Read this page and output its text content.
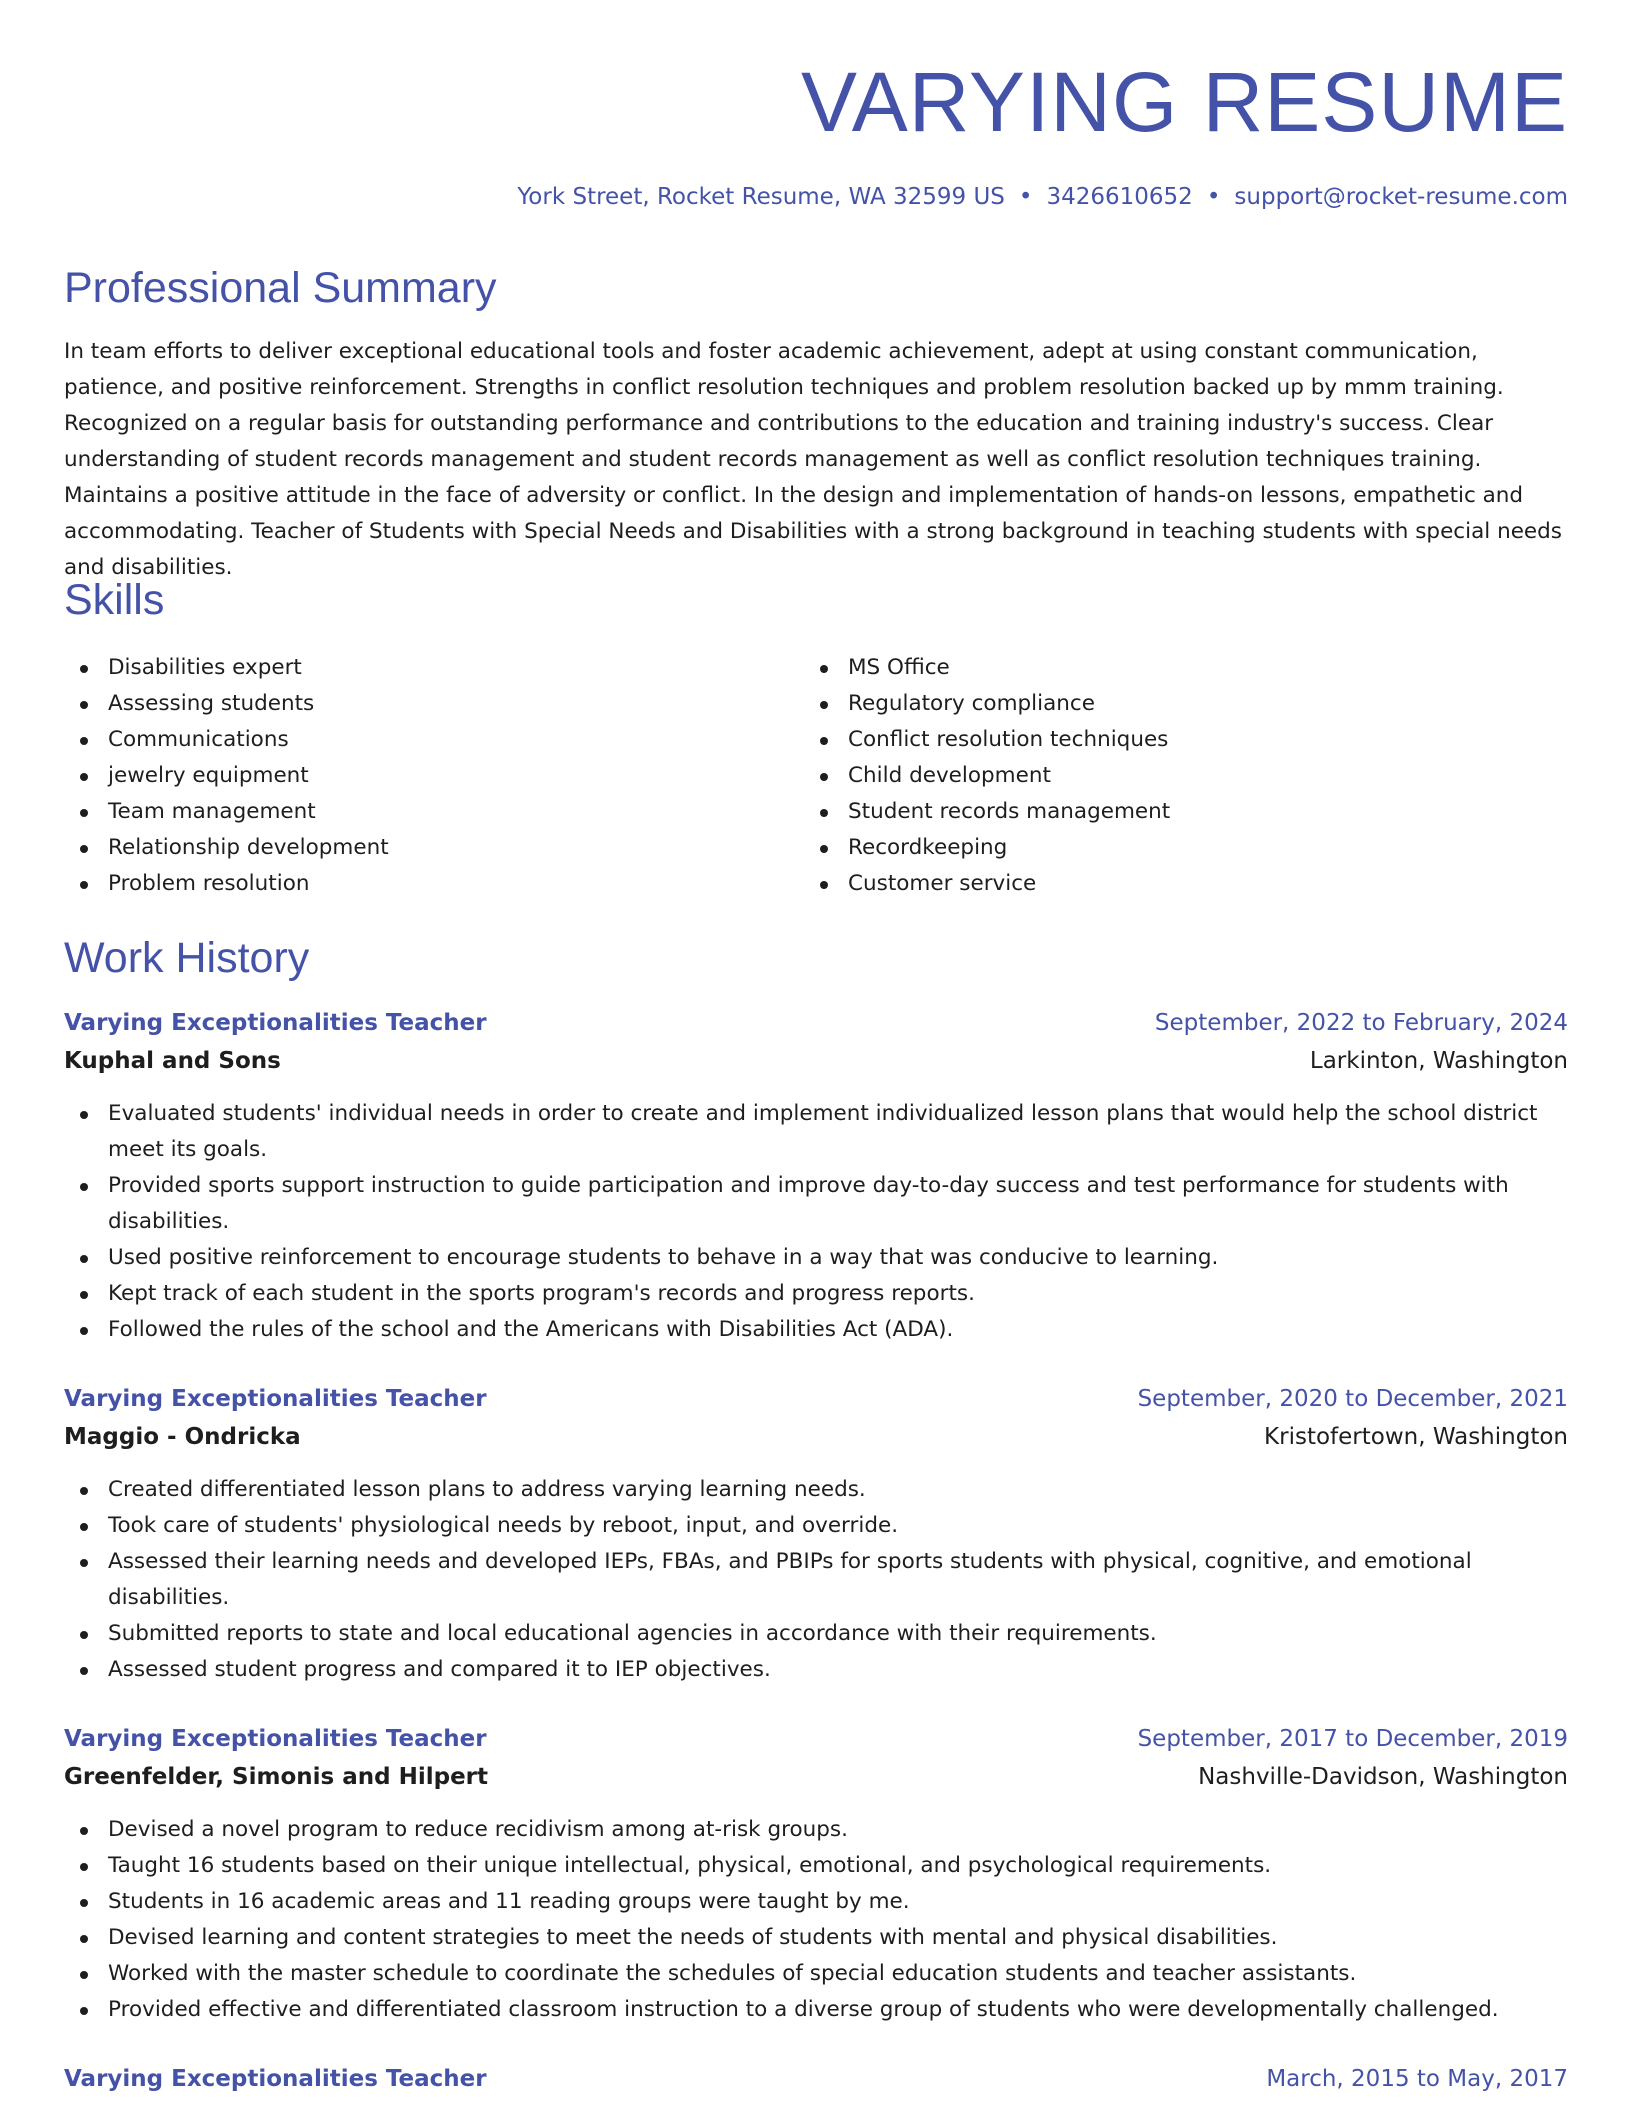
VARYING RESUME
York Street, Rocket Resume, WA 32599 US • 3426610652 • support@rocket-resume.com
Professional Summary

In team efforts to deliver exceptional educational tools and foster academic achievement, adept at using constant communication, patience, and positive reinforcement. Strengths in conflict resolution techniques and problem resolution backed up by mmm training. Recognized on a regular basis for outstanding performance and contributions to the education and training industry's success. Clear understanding of student records management and student records management as well as conflict resolution techniques training. Maintains a positive attitude in the face of adversity or conflict. In the design and implementation of hands-on lessons, empathetic and accommodating. Teacher of Students with Special Needs and Disabilities with a strong background in teaching students with special needs and disabilities.

Skills
Disabilities expert
Assessing students
Communications
jewelry equipment
Team management
Relationship development
Problem resolution
MS Office
Regulatory compliance
Conflict resolution techniques
Child development
Student records management
Recordkeeping
Customer service
Work History
Varying Exceptionalities Teacher	September, 2022 to February, 2024
Kuphal and Sons	Larkinton, Washington
Evaluated students' individual needs in order to create and implement individualized lesson plans that would help the school district meet its goals.
Provided sports support instruction to guide participation and improve day-to-day success and test performance for students with disabilities.
Used positive reinforcement to encourage students to behave in a way that was conducive to learning.
Kept track of each student in the sports program's records and progress reports.
Followed the rules of the school and the Americans with Disabilities Act (ADA).
Varying Exceptionalities Teacher	September, 2020 to December, 2021
Maggio - Ondricka	Kristofertown, Washington
Created differentiated lesson plans to address varying learning needs.
Took care of students' physiological needs by reboot, input, and override.
Assessed their learning needs and developed IEPs, FBAs, and PBIPs for sports students with physical, cognitive, and emotional disabilities.
Submitted reports to state and local educational agencies in accordance with their requirements.
Assessed student progress and compared it to IEP objectives.
Varying Exceptionalities Teacher	September, 2017 to December, 2019
Greenfelder, Simonis and Hilpert	Nashville-Davidson, Washington
Devised a novel program to reduce recidivism among at-risk groups.
Taught 16 students based on their unique intellectual, physical, emotional, and psychological requirements.
Students in 16 academic areas and 11 reading groups were taught by me.
Devised learning and content strategies to meet the needs of students with mental and physical disabilities.
Worked with the master schedule to coordinate the schedules of special education students and teacher assistants.
Provided effective and differentiated classroom instruction to a diverse group of students who were developmentally challenged.
Varying Exceptionalities Teacher	March, 2015 to May, 2017
